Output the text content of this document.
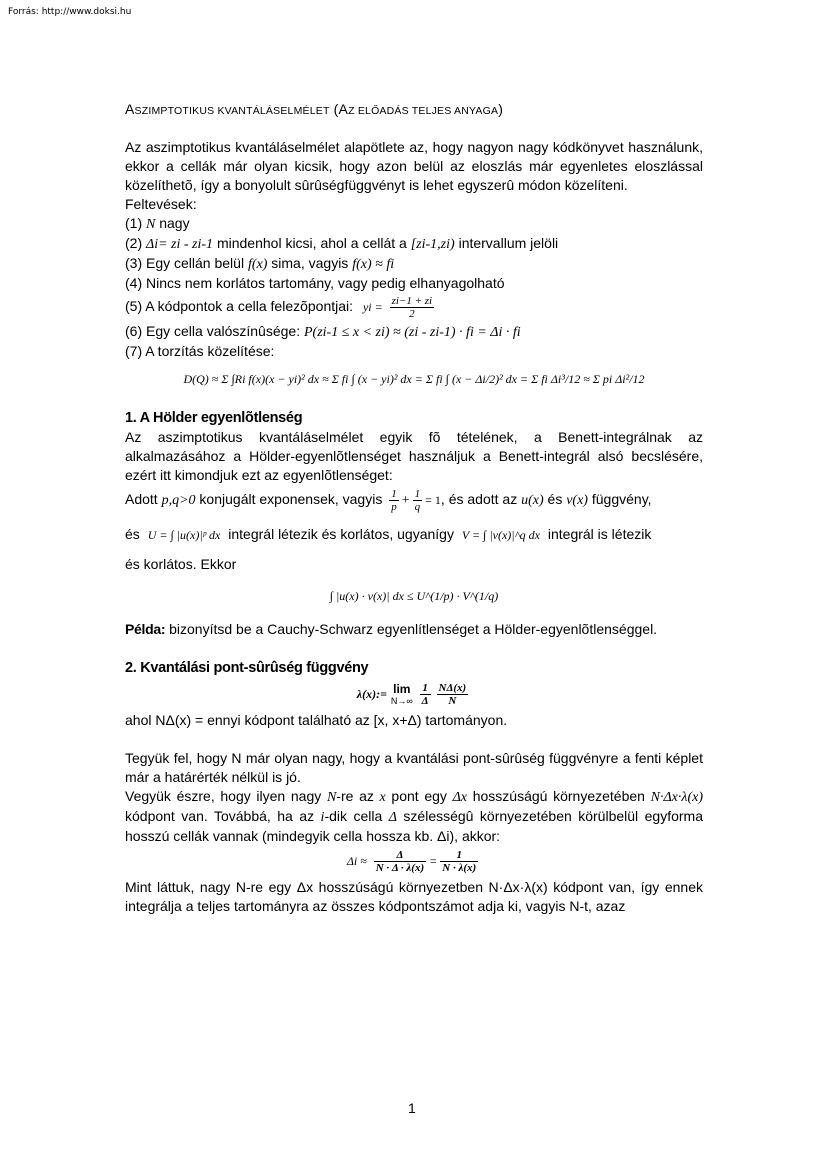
Forrás: http://www.doksi.hu
ASZIMPTOTIKUS KVANTÁLÁSELMÉLET (AZ ELŐADÁS TELJES ANYAGA)

Az aszimptotikus kvantáláselmélet alapötlete az, hogy nagyon nagy kódkönyvet használunk, ekkor a cellák már olyan kicsik, hogy azon belül az eloszlás már egyenletes eloszlással közelíthetõ, így a bonyolult sûrûségfüggvényt is lehet egyszerû módon közelíteni.

Feltevések:

(1) N nagy

(2) Δi= zi - zi-1 mindenhol kicsi, ahol a cellát a [zi-1,zi) intervallum jelöli

(3) Egy cellán belül f(x) sima, vagyis f(x) ≈ fi

(4) Nincs nem korlátos tartomány, vagy pedig elhanyagolható

(5) A kódpontok a cella felezõpontjai: yi = $\frac{zi-1 + zi}{2}$

(6) Egy cella valószínûsége: P(zi-1 ≤ x < zi) ≈ (zi - zi-1) · fi = Δi · fi

(7) A torzítás közelítése:

D(Q) ≈ Σ ∫Ri f(x)(x − yi)² dx ≈ Σ fi ∫ (x − yi)² dx = Σ fi ∫ (x − Δi/2)² dx = Σ fi Δi³/12 ≈ Σ pi Δi²/12
1. A Hölder egyenlõtlenség

Az aszimptotikus kvantáláselmélet egyik fõ tételének, a Benett-integrálnak az alkalmazásához a Hölder-egyenlõtlenséget használjuk a Benett-integrál alsó becslésére, ezért itt kimondjuk ezt az egyenlõtlenséget:

Adott p,q>0 konjugált exponensek, vagyis $\frac{1}{p} + \frac{1}{q} = 1$, és adott az u(x) és v(x) függvény,

és U = ∫ |u(x)|ᵖ dx integrál létezik és korlátos, ugyanígy V = ∫ |v(x)|^q dx integrál is létezik

és korlátos. Ekkor

∫ |u(x) · v(x)| dx ≤ U^(1/p) · V^(1/q)

Példa: bizonyítsd be a Cauchy-Schwarz egyenlítlenséget a Hölder-egyenlõtlenséggel.

2. Kvantálási pont-sûrûség függvény
λ(x):= lim
N→∞
$\frac{1}{\Delta} \frac{N\Delta(x)}{N}$

ahol NΔ(x) = ennyi kódpont található az [x, x+Δ) tartományon.

Tegyük fel, hogy N már olyan nagy, hogy a kvantálási pont-sûrûség függvényre a fenti képlet már a határérték nélkül is jó.

Vegyük észre, hogy ilyen nagy N-re az x pont egy Δx hosszúságú környezetében N·Δx·λ(x) kódpont van. Továbbá, ha az i-dik cella Δ szélességû környezetében körülbelül egyforma hosszú cellák vannak (mindegyik cella hossza kb. Δi), akkor:

$\Delta i \approx \frac{\Delta}{N \cdot \Delta \cdot \lambda(x)} = \frac{1}{N \cdot \lambda(x)}$

Mint láttuk, nagy N-re egy Δx hosszúságú környezetben N·Δx·λ(x) kódpont van, így ennek integrálja a teljes tartományra az összes kódpontszámot adja ki, vagyis N-t, azaz

1
